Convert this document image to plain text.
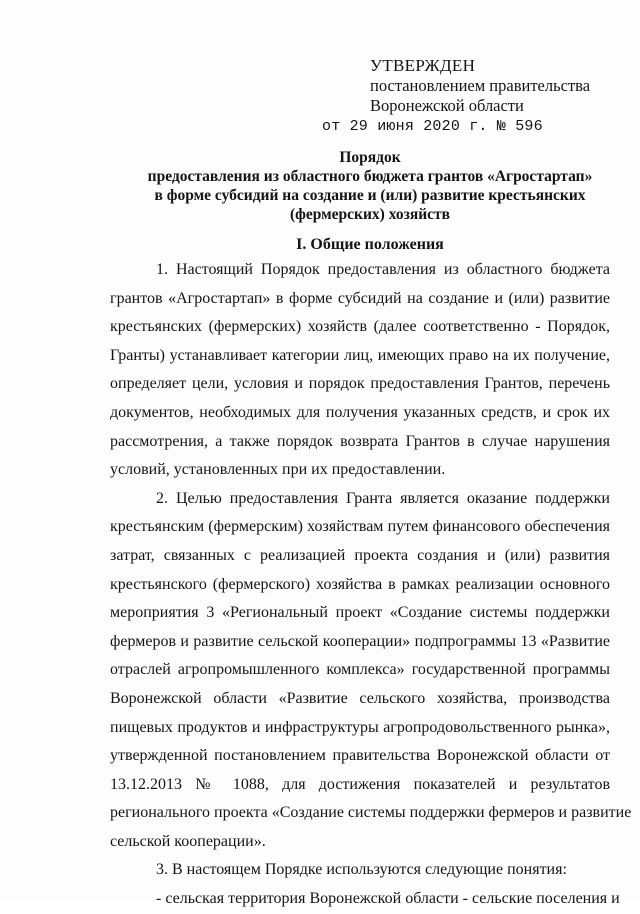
УТВЕРЖДЕН
постановлением правительства
Воронежской области
от 29 июня 2020 г. № 596
Порядок
предоставления из областного бюджета грантов «Агростартап»
в форме субсидий на создание и (или) развитие крестьянских
(фермерских) хозяйств
I. Общие положения
1. Настоящий Порядок предоставления из областного бюджета
грантов «Агростартап» в форме субсидий на создание и (или) развитие
крестьянских (фермерских) хозяйств (далее соответственно - Порядок,
Гранты) устанавливает категории лиц, имеющих право на их получение,
определяет цели, условия и порядок предоставления Грантов, перечень
документов, необходимых для получения указанных средств, и срок их
рассмотрения, а также порядок возврата Грантов в случае нарушения
условий, установленных при их предоставлении.
2. Целью предоставления Гранта является оказание поддержки
крестьянским (фермерским) хозяйствам путем финансового обеспечения
затрат, связанных с реализацией проекта создания и (или) развития
крестьянского (фермерского) хозяйства в рамках реализации основного
мероприятия 3 «Региональный проект «Создание системы поддержки
фермеров и развитие сельской кооперации» подпрограммы 13 «Развитие
отраслей агропромышленного комплекса» государственной программы
Воронежской области «Развитие сельского хозяйства, производства
пищевых продуктов и инфраструктуры агропродовольственного рынка»,
утвержденной постановлением правительства Воронежской области от
13.12.2013 № 1088, для достижения показателей и результатов
регионального проекта «Создание системы поддержки фермеров и развитие
сельской кооперации».
3. В настоящем Порядке используются следующие понятия:
- сельская территория Воронежской области - сельские поселения и
